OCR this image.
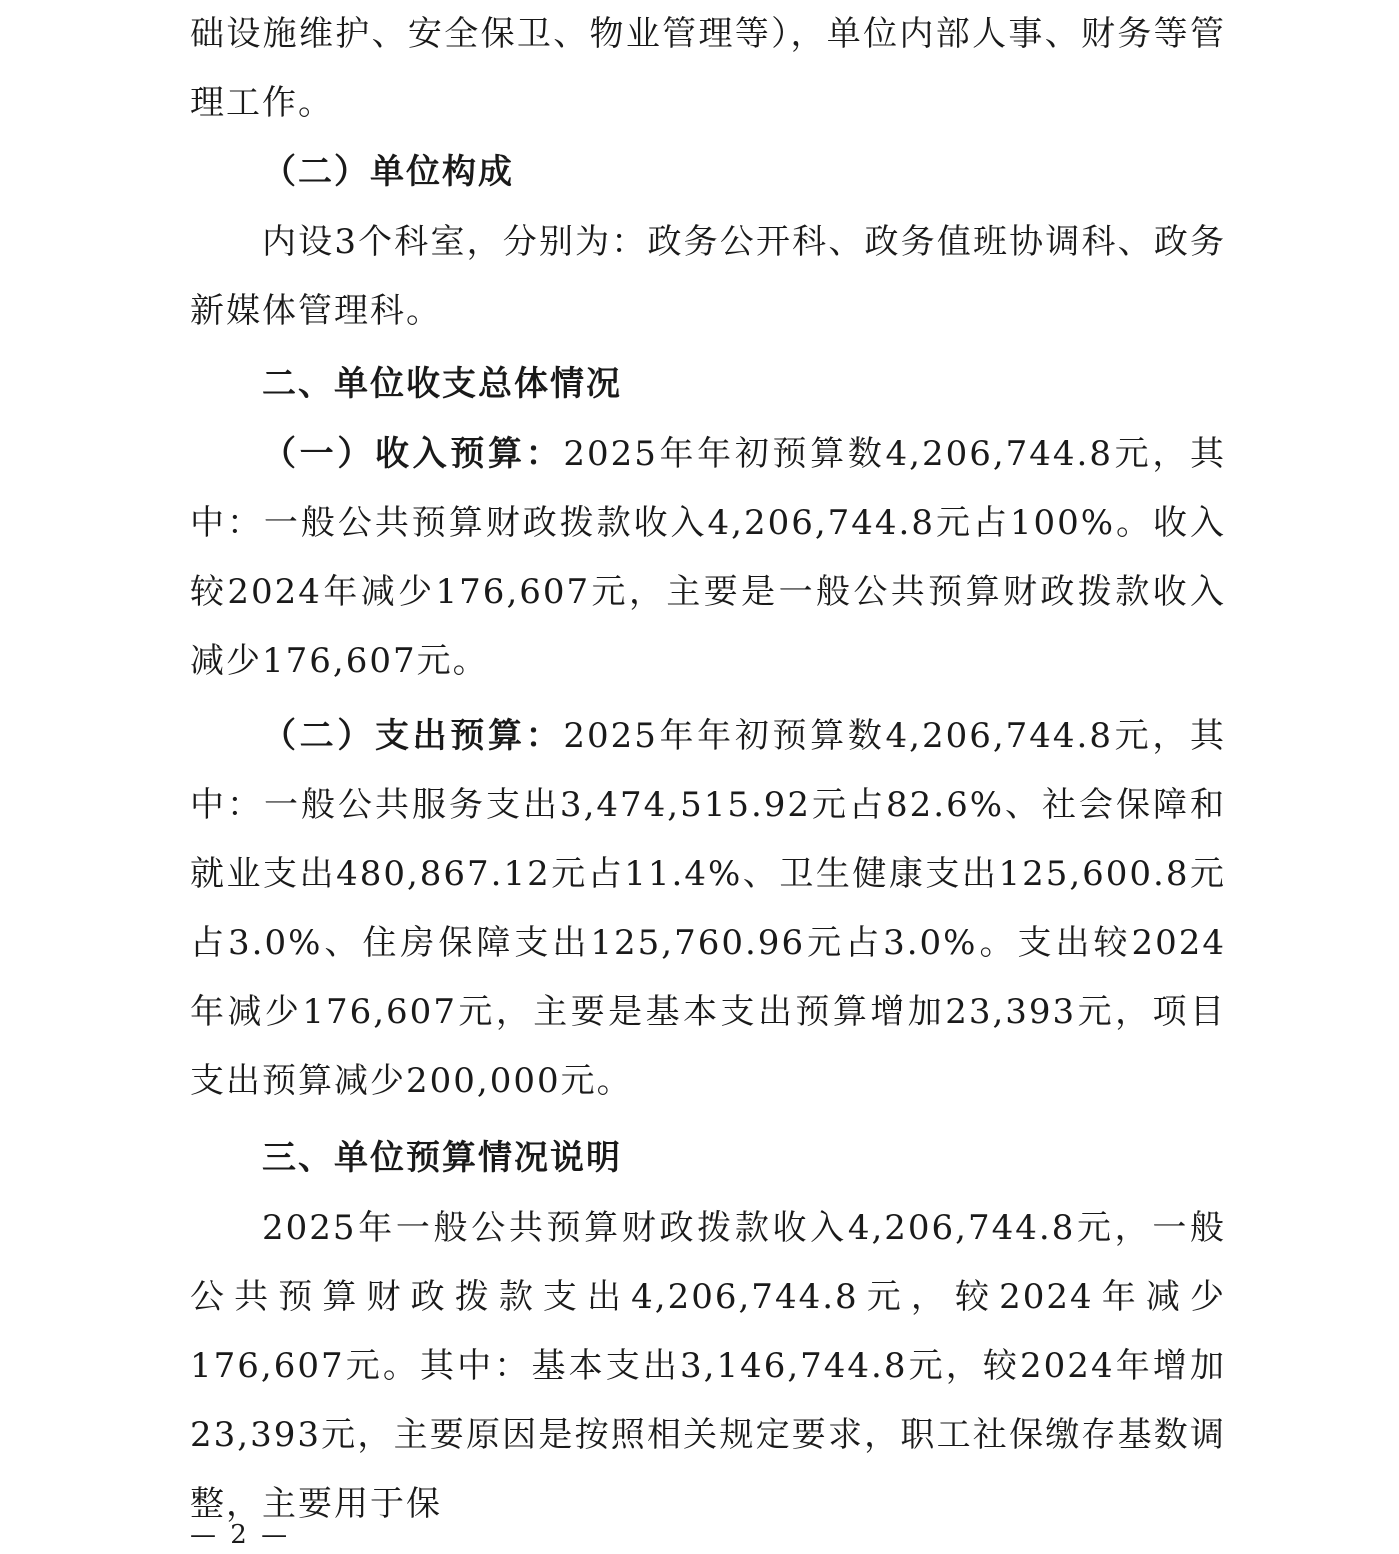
础设施维护、安全保卫、物业管理等），单位内部人事、财务等管理工作。
（二）单位构成
内设3个科室，分别为：政务公开科、政务值班协调科、政务新媒体管理科。
二、单位收支总体情况
（一）收入预算：2025年年初预算数4,206,744.8元，其中：一般公共预算财政拨款收入4,206,744.8元占100%。收入较2024年减少176,607元，主要是一般公共预算财政拨款收入减少176,607元。
（二）支出预算：2025年年初预算数4,206,744.8元，其中：一般公共服务支出3,474,515.92元占82.6%、社会保障和就业支出480,867.12元占11.4%、卫生健康支出125,600.8元占3.0%、住房保障支出125,760.96元占3.0%。支出较2024年减少176,607元，主要是基本支出预算增加23,393元，项目支出预算减少200,000元。
三、单位预算情况说明
2025年一般公共预算财政拨款收入4,206,744.8元，一般公共预算财政拨款支出4,206,744.8元，较2024年减少176,607元。其中：基本支出3,146,744.8元，较2024年增加23,393元，主要原因是按照相关规定要求，职工社保缴存基数调整，主要用于保
— 2 —
